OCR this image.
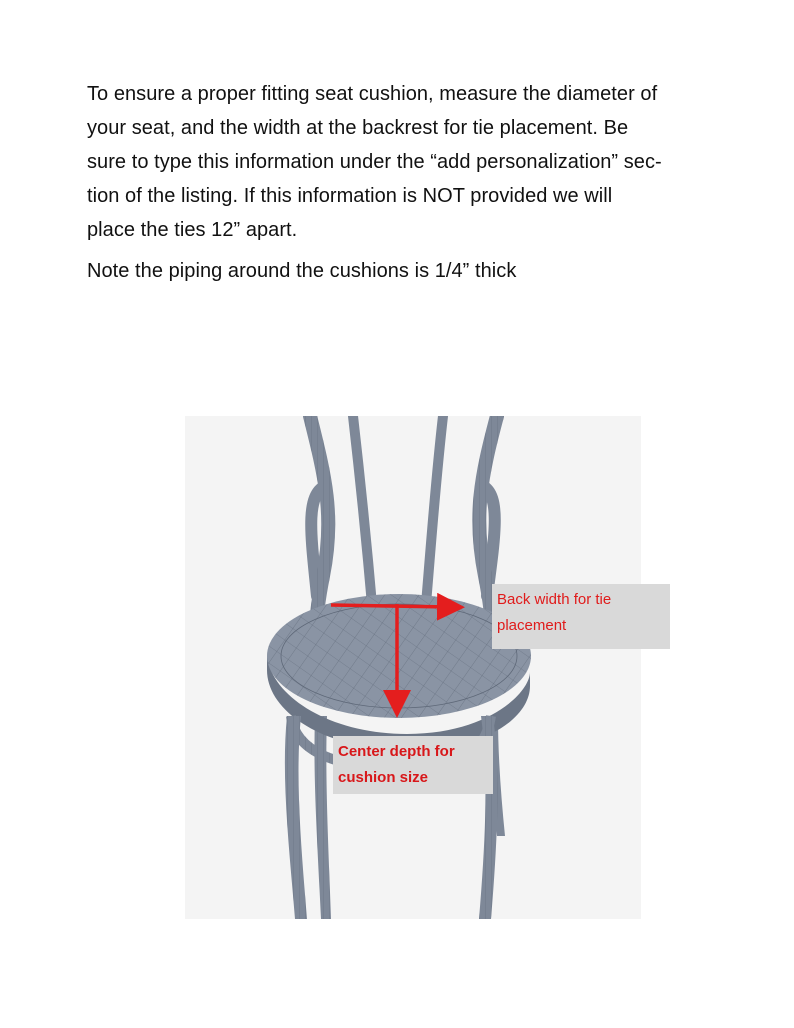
To ensure a proper fitting seat cushion, measure the diameter of
your seat, and the width at the backrest for tie placement. Be
sure to type this information under the “add personalization” sec-
tion of the listing. If this information is NOT provided we will
place the ties 12” apart.

Note the piping around the cushions is 1/4” thick

Back width for tie
placement
Center depth for
cushion size
